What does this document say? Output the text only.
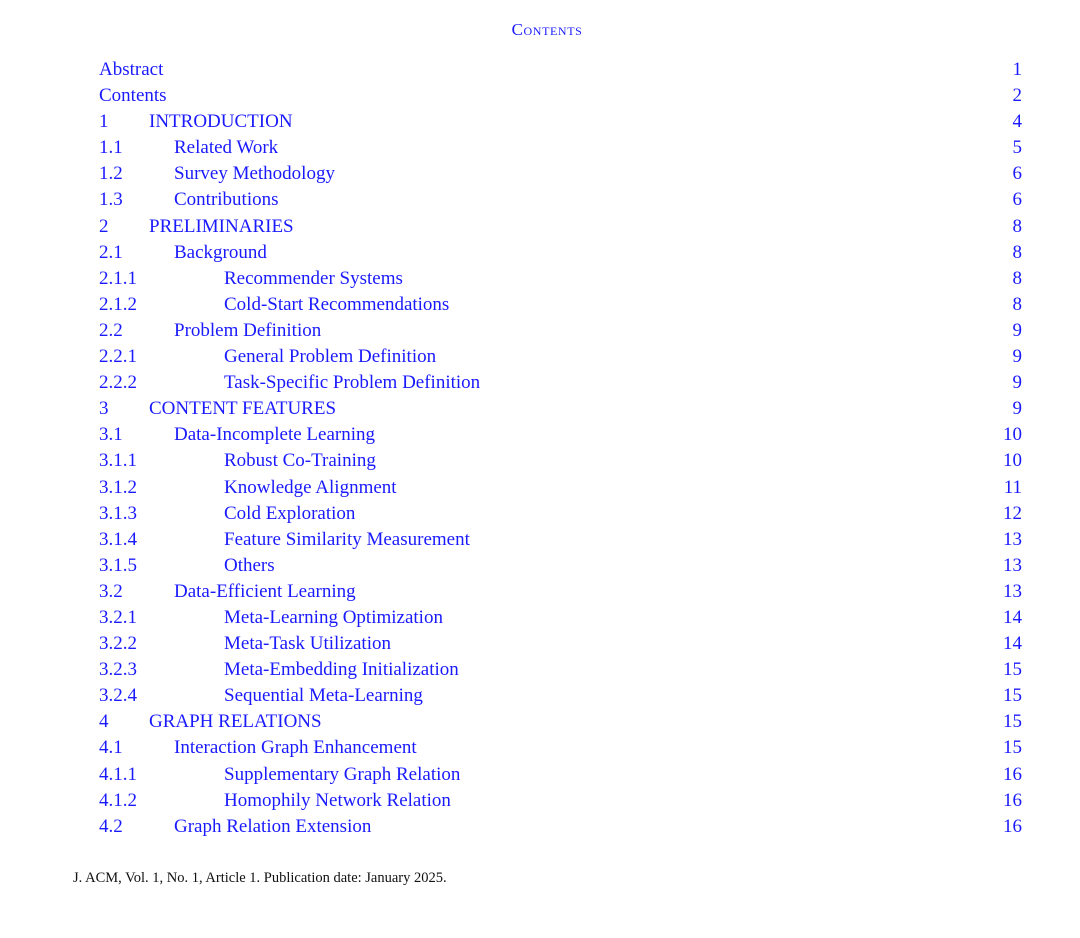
Contents
Abstract	1
Contents	2
1 INTRODUCTION	4
1.1	Related Work	5
1.2	Survey Methodology	6
1.3	Contributions	6
2 PRELIMINARIES	8
2.1	Background	8
2.1.1	Recommender Systems	8
2.1.2	Cold-Start Recommendations	8
2.2	Problem Definition	9
2.2.1	General Problem Definition	9
2.2.2	Task-Specific Problem Definition	9
3 CONTENT FEATURES	9
3.1	Data-Incomplete Learning	10
3.1.1	Robust Co-Training	10
3.1.2	Knowledge Alignment	11
3.1.3	Cold Exploration	12
3.1.4	Feature Similarity Measurement	13
3.1.5	Others	13
3.2	Data-Efficient Learning	13
3.2.1	Meta-Learning Optimization	14
3.2.2	Meta-Task Utilization	14
3.2.3	Meta-Embedding Initialization	15
3.2.4	Sequential Meta-Learning	15
4 GRAPH RELATIONS	15
4.1	Interaction Graph Enhancement	15
4.1.1	Supplementary Graph Relation	16
4.1.2	Homophily Network Relation	16
4.2	Graph Relation Extension	16
J. ACM, Vol. 1, No. 1, Article 1. Publication date: January 2025.
